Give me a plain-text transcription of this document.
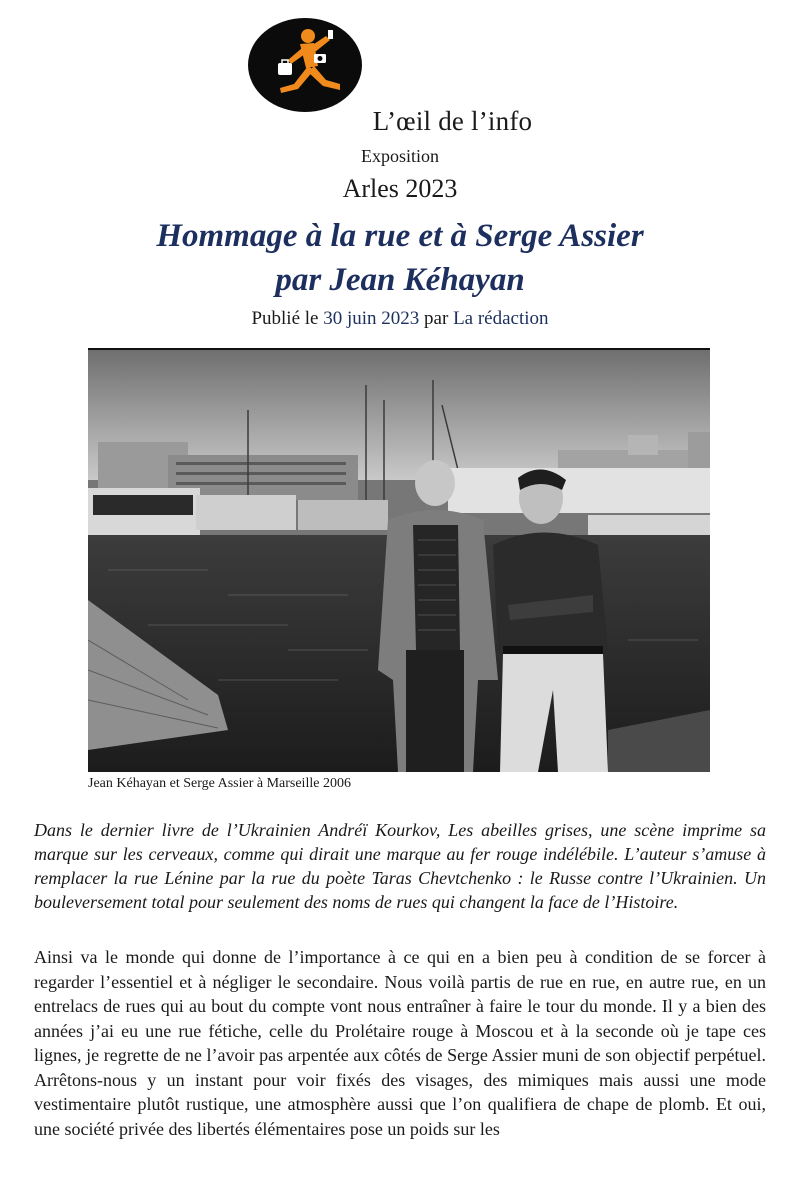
L’œil de l’info
Exposition
Arles 2023
Hommage à la rue et à Serge Assier
par Jean Kéhayan
Publié le 30 juin 2023 par La rédaction
Jean Kéhayan et Serge Assier à Marseille 2006

Dans le dernier livre de l’Ukrainien Andréï Kourkov, Les abeilles grises, une scène imprime sa marque sur les cerveaux, comme qui dirait une marque au fer rouge indélébile. L’auteur s’amuse à remplacer la rue Lénine par la rue du poète Taras Chevtchenko : le Russe contre l’Ukrainien. Un bouleversement total pour seulement des noms de rues qui changent la face de l’Histoire.

Ainsi va le monde qui donne de l’importance à ce qui en a bien peu à condition de se forcer à regarder l’essentiel et à négliger le secondaire. Nous voilà partis de rue en rue, en autre rue, en un entrelacs de rues qui au bout du compte vont nous entraîner à faire le tour du monde. Il y a bien des années j’ai eu une rue fétiche, celle du Prolétaire rouge à Moscou et à la seconde où je tape ces lignes, je regrette de ne l’avoir pas arpentée aux côtés de Serge Assier muni de son objectif perpétuel. Arrêtons-nous y un instant pour voir fixés des visages, des mimiques mais aussi une mode vestimentaire plutôt rustique, une atmosphère aussi que l’on qualifiera de chape de plomb. Et oui, une société privée des libertés élémentaires pose un poids sur les
